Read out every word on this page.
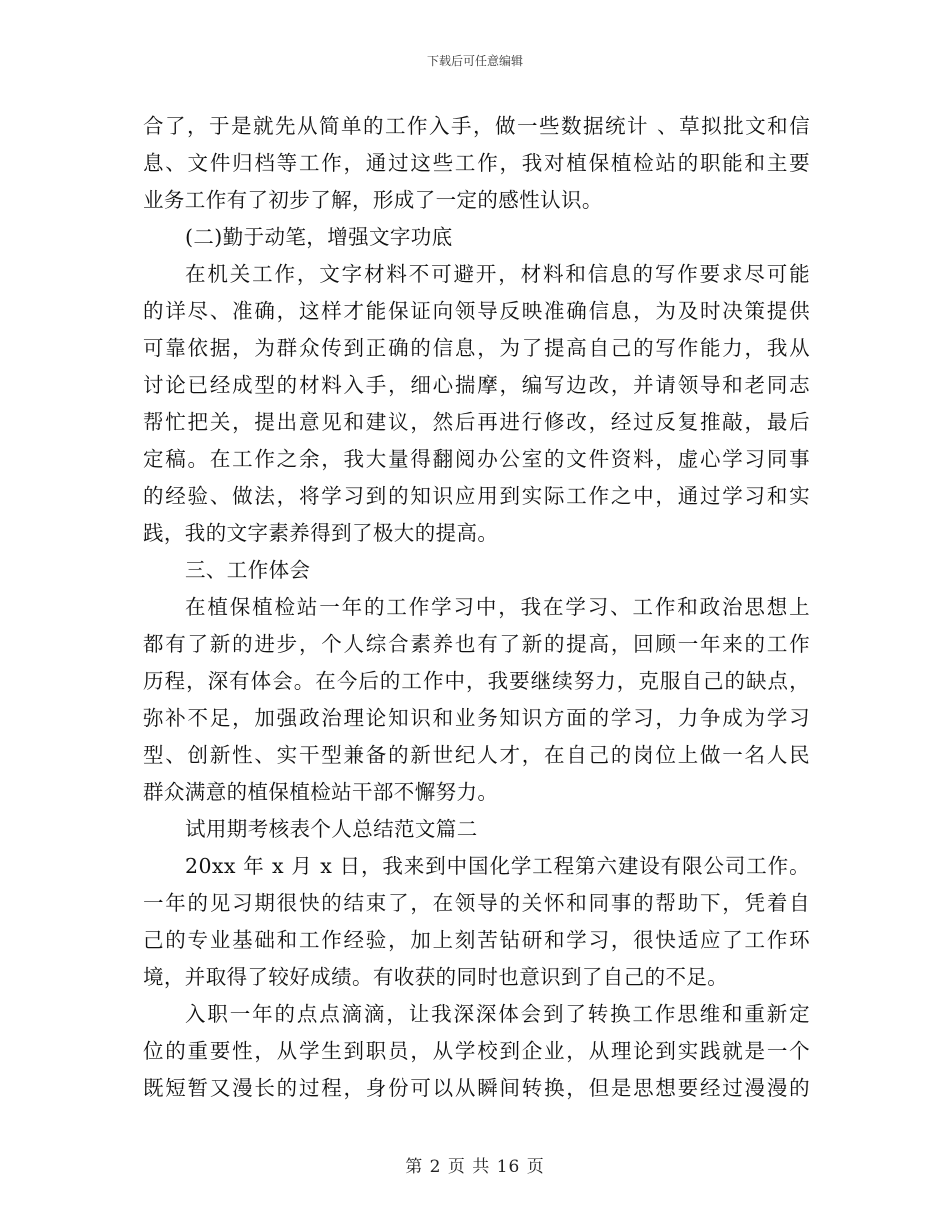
下载后可任意编辑
合了，于是就先从简单的工作入手，做一些数据统计 、草拟批文和信
息、文件归档等工作，通过这些工作，我对植保植检站的职能和主要
业务工作有了初步了解，形成了一定的感性认识。
(二)勤于动笔，增强文字功底
在机关工作，文字材料不可避开，材料和信息的写作要求尽可能
的详尽、准确，这样才能保证向领导反映准确信息，为及时决策提供
可靠依据，为群众传到正确的信息，为了提高自己的写作能力，我从
讨论已经成型的材料入手，细心揣摩，编写边改，并请领导和老同志
帮忙把关，提出意见和建议，然后再进行修改，经过反复推敲，最后
定稿。在工作之余，我大量得翻阅办公室的文件资料，虚心学习同事
的经验、做法，将学习到的知识应用到实际工作之中，通过学习和实
践，我的文字素养得到了极大的提高。
三、工作体会
在植保植检站一年的工作学习中，我在学习、工作和政治思想上
都有了新的进步，个人综合素养也有了新的提高，回顾一年来的工作
历程，深有体会。在今后的工作中，我要继续努力，克服自己的缺点，
弥补不足，加强政治理论知识和业务知识方面的学习，力争成为学习
型、创新性、实干型兼备的新世纪人才，在自己的岗位上做一名人民
群众满意的植保植检站干部不懈努力。
试用期考核表个人总结范文篇二
20xx 年 x 月 x 日，我来到中国化学工程第六建设有限公司工作。
一年的见习期很快的结束了，在领导的关怀和同事的帮助下，凭着自
己的专业基础和工作经验，加上刻苦钻研和学习，很快适应了工作环
境，并取得了较好成绩。有收获的同时也意识到了自己的不足。
入职一年的点点滴滴，让我深深体会到了转换工作思维和重新定
位的重要性，从学生到职员，从学校到企业，从理论到实践就是一个
既短暂又漫长的过程，身份可以从瞬间转换，但是思想要经过漫漫的
第 2 页 共 16 页
